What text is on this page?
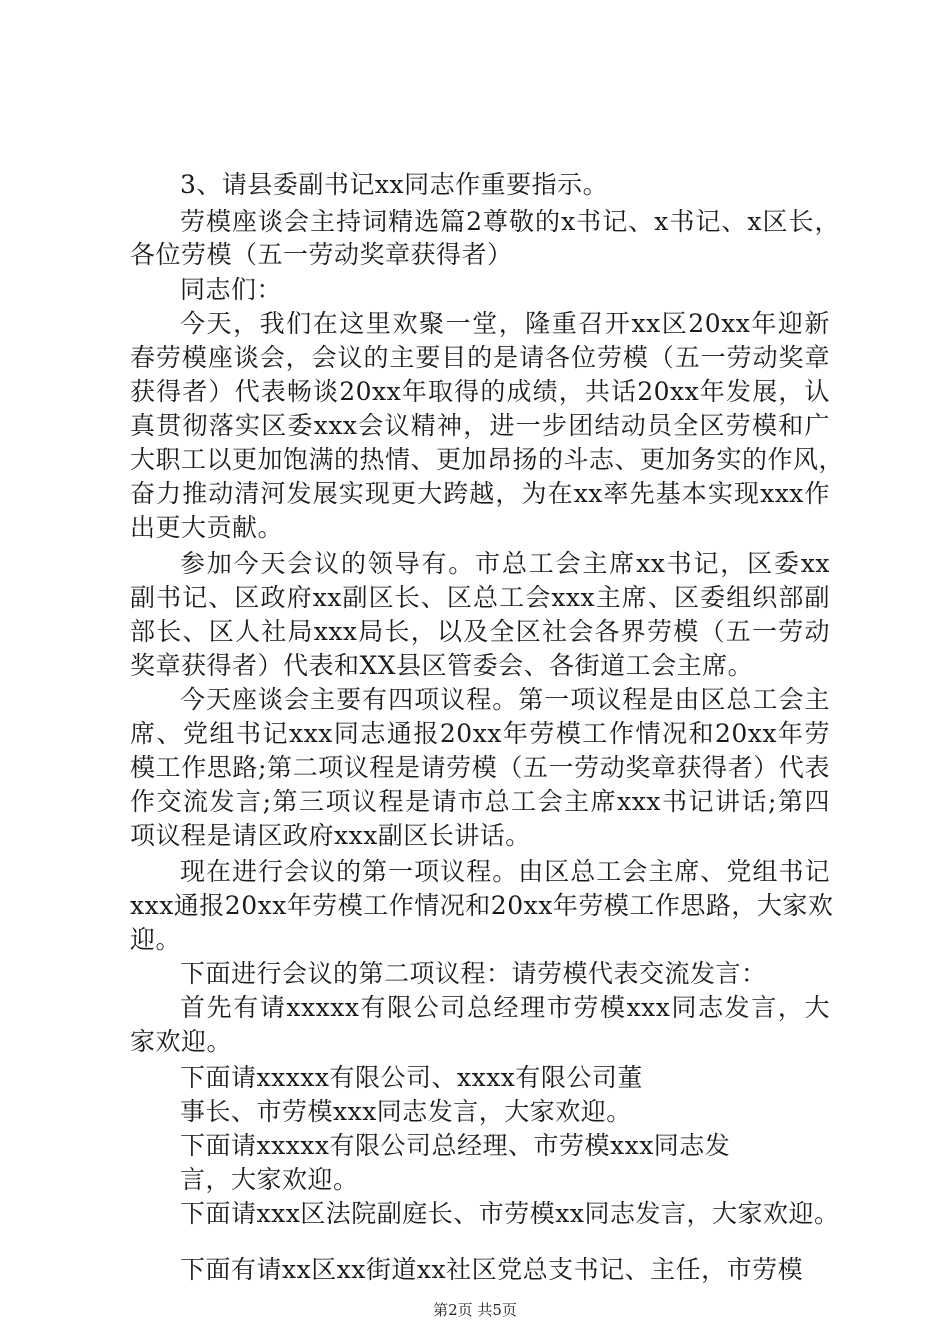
3、请县委副书记xx同志作重要指示。
劳模座谈会主持词精选篇2尊敬的x书记、x书记、x区长，
各位劳模（五一劳动奖章获得者）
同志们：
今天，我们在这里欢聚一堂，隆重召开xx区20xx年迎新
春劳模座谈会，会议的主要目的是请各位劳模（五一劳动奖章
获得者）代表畅谈20xx年取得的成绩，共话20xx年发展，认
真贯彻落实区委xxx会议精神，进一步团结动员全区劳模和广
大职工以更加饱满的热情、更加昂扬的斗志、更加务实的作风，
奋力推动清河发展实现更大跨越，为在xx率先基本实现xxx作
出更大贡献。
参加今天会议的领导有。市总工会主席xx书记，区委xx
副书记、区政府xx副区长、区总工会xxx主席、区委组织部副
部长、区人社局xxx局长，以及全区社会各界劳模（五一劳动
奖章获得者）代表和XX县区管委会、各街道工会主席。
今天座谈会主要有四项议程。第一项议程是由区总工会主
席、党组书记xxx同志通报20xx年劳模工作情况和20xx年劳
模工作思路;第二项议程是请劳模（五一劳动奖章获得者）代表
作交流发言;第三项议程是请市总工会主席xxx书记讲话;第四
项议程是请区政府xxx副区长讲话。
现在进行会议的第一项议程。由区总工会主席、党组书记
xxx通报20xx年劳模工作情况和20xx年劳模工作思路，大家欢
迎。
下面进行会议的第二项议程：请劳模代表交流发言：
首先有请xxxxx有限公司总经理市劳模xxx同志发言，大
家欢迎。
下面请xxxxx有限公司、xxxx有限公司董
事长、市劳模xxx同志发言，大家欢迎。
下面请xxxxx有限公司总经理、市劳模xxx同志发
言，大家欢迎。
下面请xxx区法院副庭长、市劳模xx同志发言，大家欢迎。
下面有请xx区xx街道xx社区党总支书记、主任，市劳模
第2页 共5页
